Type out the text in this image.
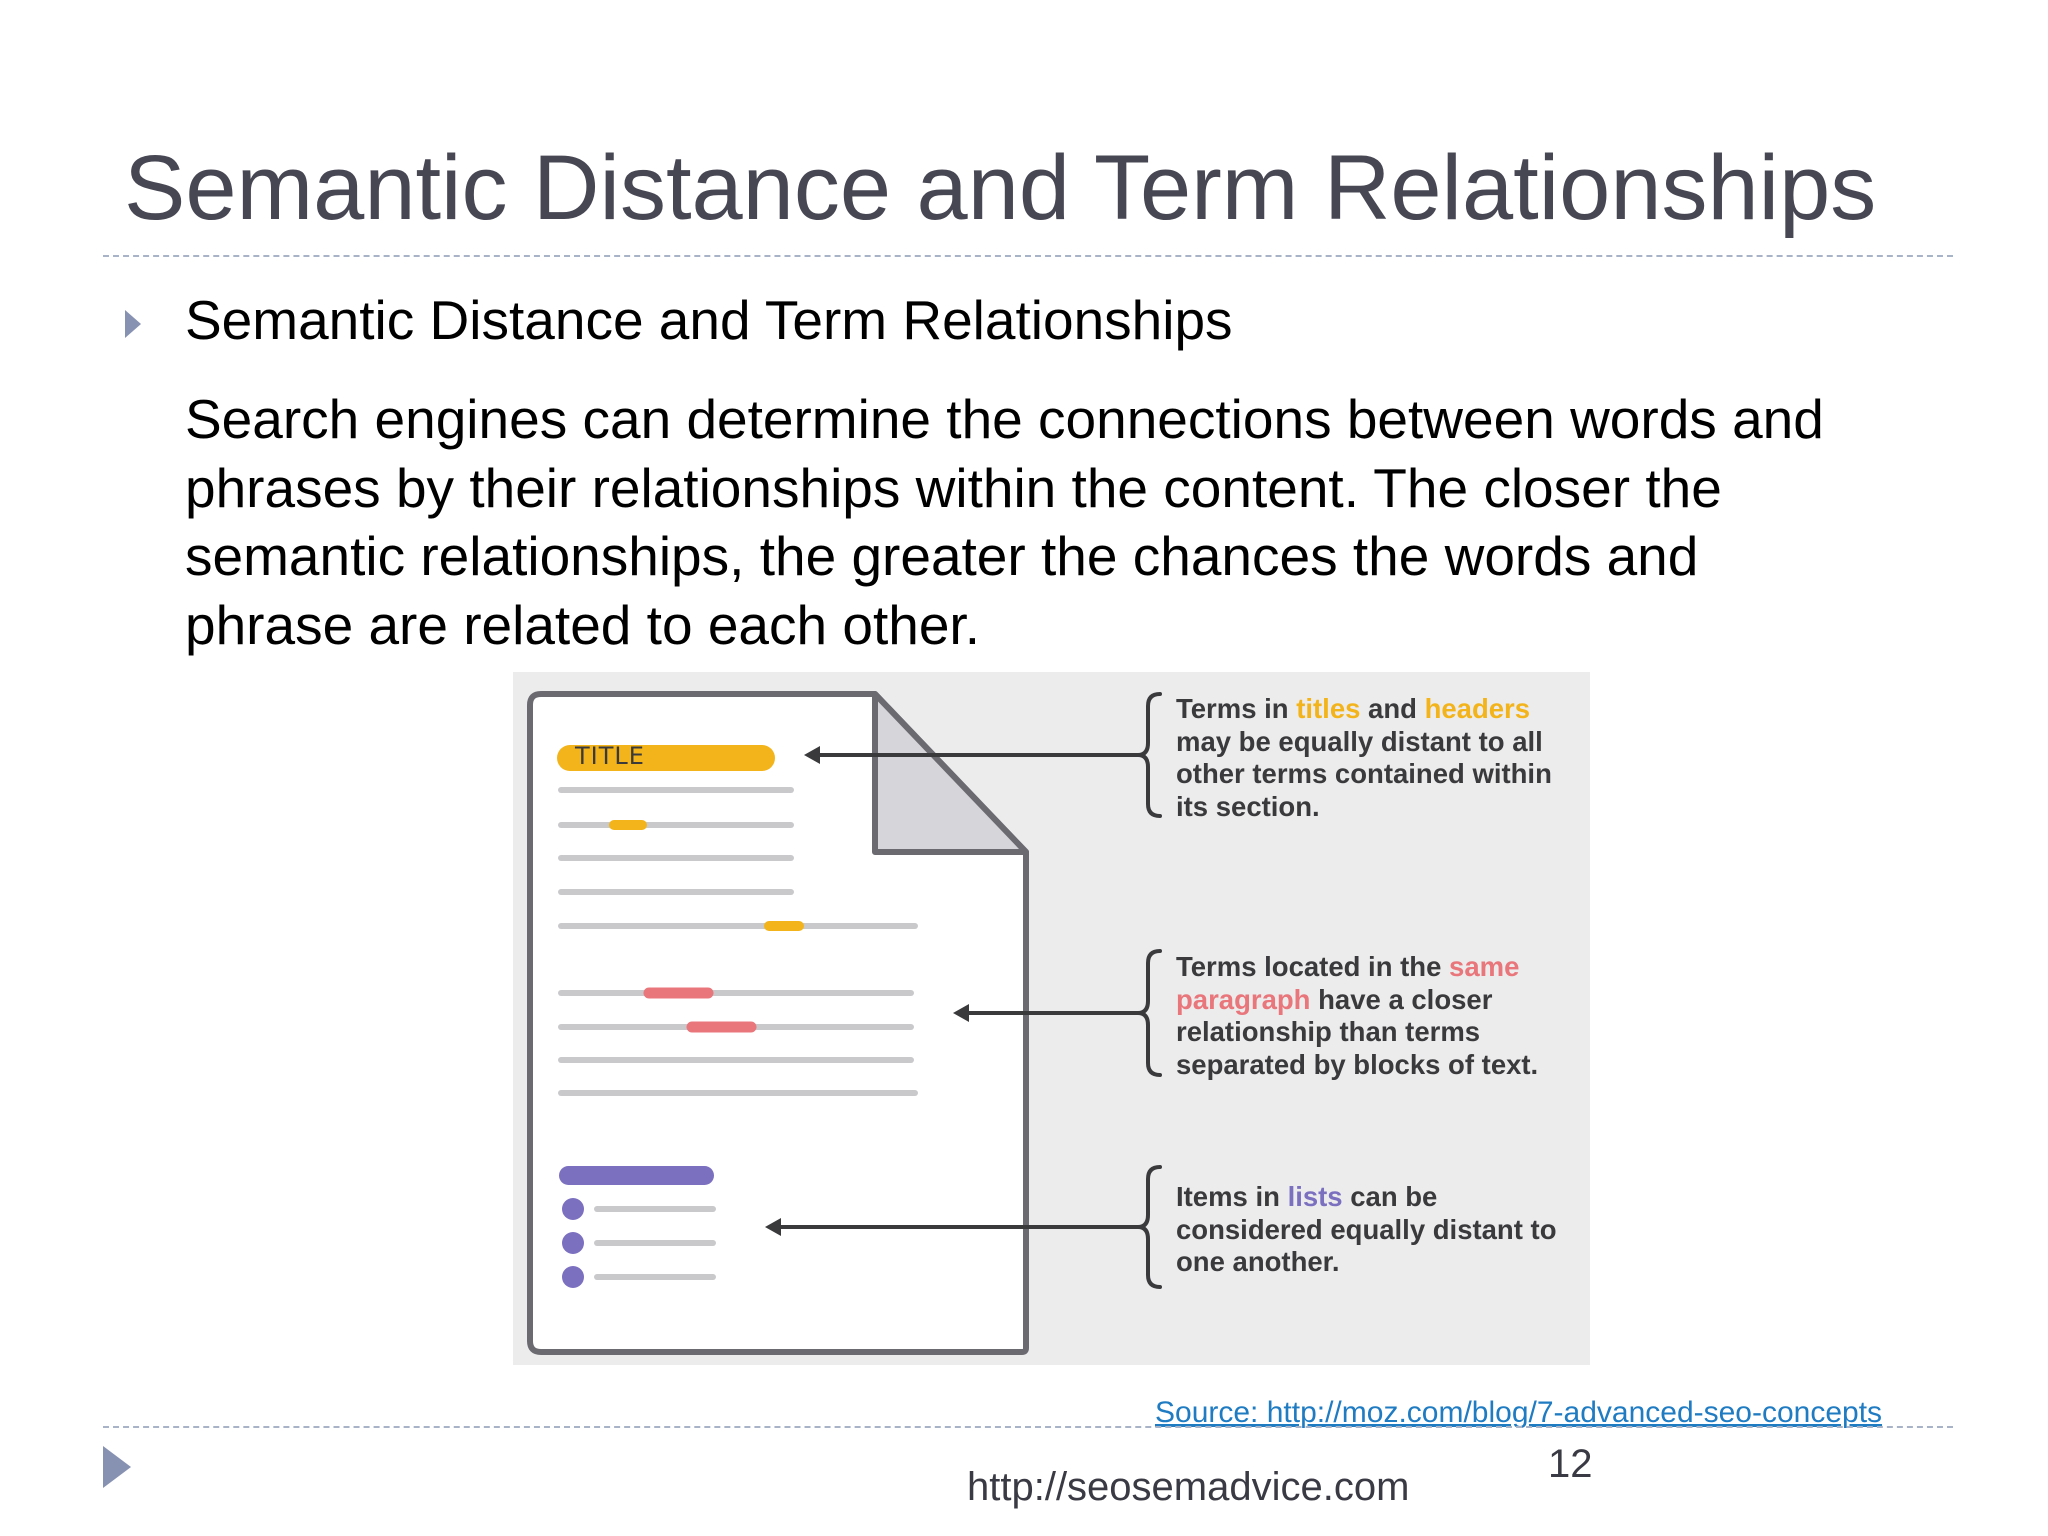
Semantic Distance and Term Relationships
Semantic Distance and Term Relationships
Search engines can determine the connections between words and
phrases by their relationships within the content. The closer the
semantic relationships, the greater the chances the words and
phrase are related to each other.
TITLE
Terms in titles and headers may be equally distant to all other terms contained within its section.
Terms located in the same paragraph have a closer relationship than terms separated by blocks of text.
Items in lists can be considered equally distant to one another.
Source: http://moz.com/blog/7-advanced-seo-concepts
http://seosemadvice.com
12
